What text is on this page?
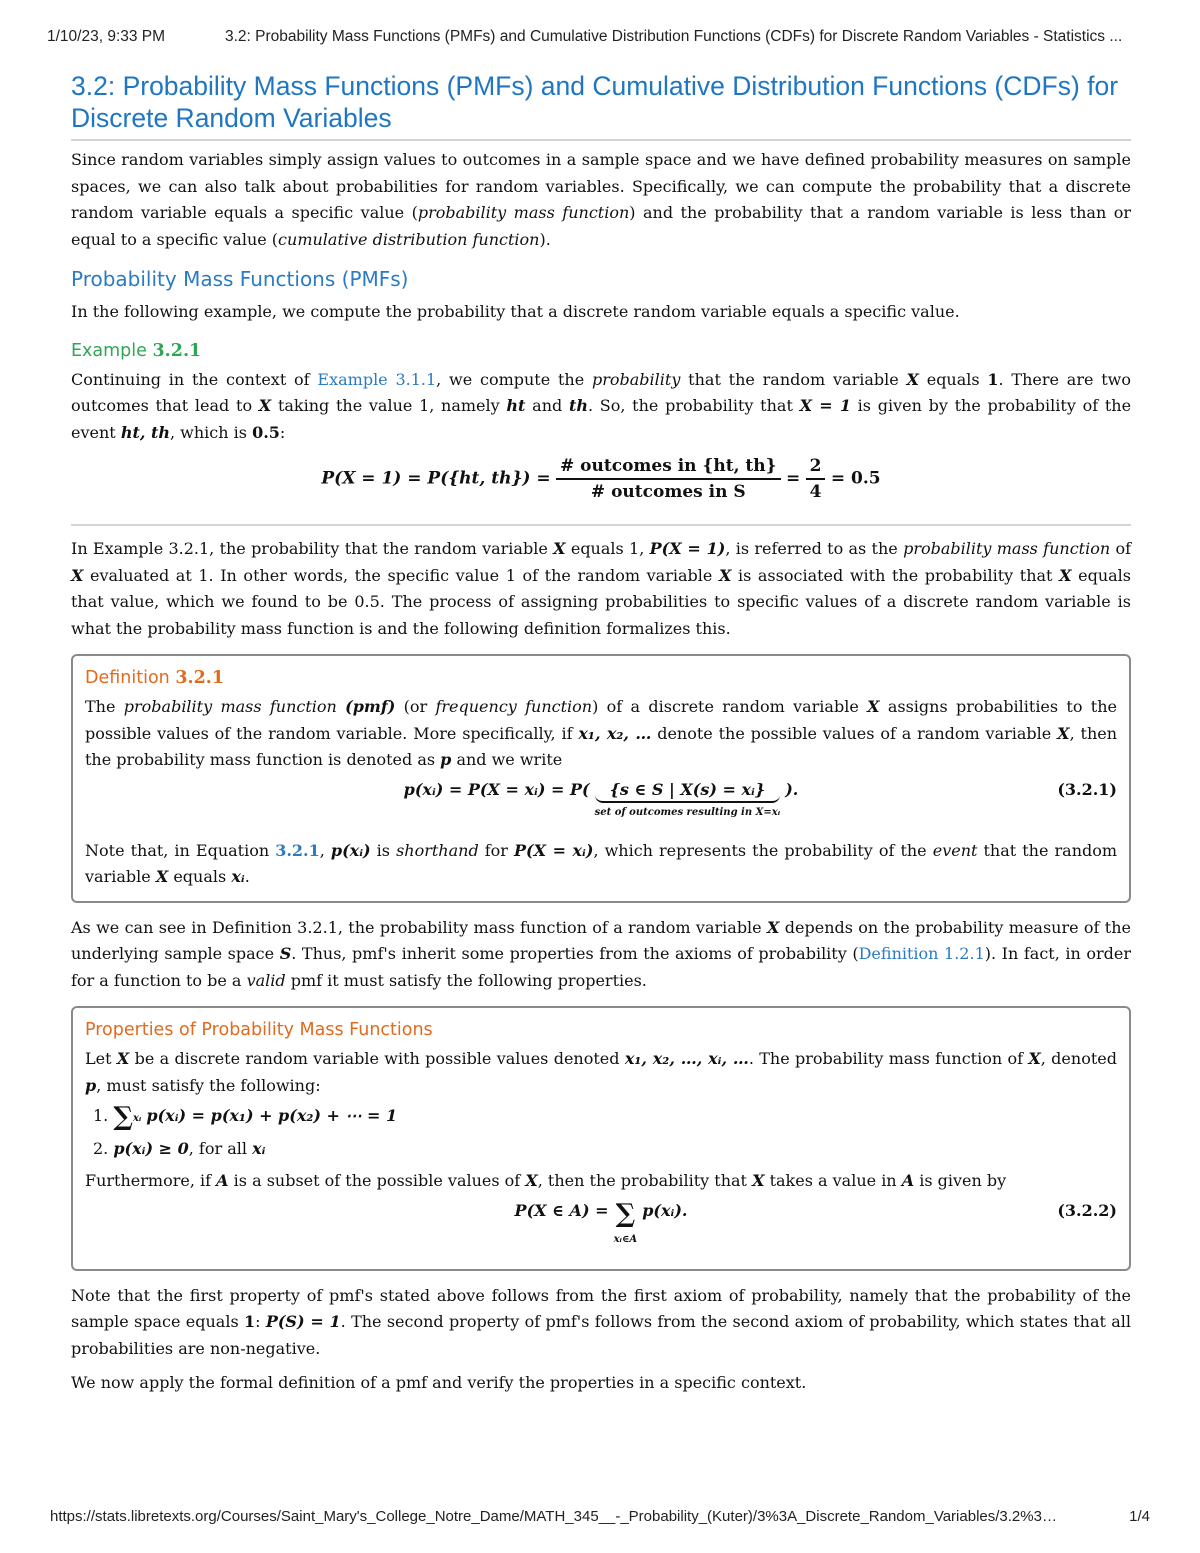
1/10/23, 9:33 PM	3.2: Probability Mass Functions (PMFs) and Cumulative Distribution Functions (CDFs) for Discrete Random Variables - Statistics ...
3.2: Probability Mass Functions (PMFs) and Cumulative Distribution Functions (CDFs) for Discrete Random Variables

Since random variables simply assign values to outcomes in a sample space and we have defined probability measures on sample spaces, we can also talk about probabilities for random variables. Specifically, we can compute the probability that a discrete random variable equals a specific value (probability mass function) and the probability that a random variable is less than or equal to a specific value (cumulative distribution function).

Probability Mass Functions (PMFs)

In the following example, we compute the probability that a discrete random variable equals a specific value.

Example 3.2.1

Continuing in the context of Example 3.1.1, we compute the probability that the random variable X equals 1. There are two outcomes that lead to X taking the value 1, namely ht and th. So, the probability that X = 1 is given by the probability of the event ht, th, which is 0.5:

P(X = 1) = P({ht, $th\}) = \frac{\text{\# outcomes in \{ht, th\}}}{\text{\# outcomes in S}} = \frac{2}{4} = 0.5$

In Example 3.2.1, the probability that the random variable X equals 1, P(X = 1), is referred to as the probability mass function of X evaluated at 1. In other words, the specific value 1 of the random variable X is associated with the probability that X equals that value, which we found to be 0.5. The process of assigning probabilities to specific values of a discrete random variable is what the probability mass function is and the following definition formalizes this.

Definition 3.2.1

The probability mass function (pmf) (or frequency function) of a discrete random variable X assigns probabilities to the possible values of the random variable. More specifically, if x₁, x₂, … denote the possible values of a random variable X, then the probability mass function is denoted as p and we write

p(xᵢ) = P(X = xᵢ) = P(	{s ∈ S | X(s) = xᵢ}
set of outcomes resulting in X=xᵢ
).	(3.2.1)

Note that, in Equation 3.2.1, p(xᵢ) is shorthand for P(X = xᵢ), which represents the probability of the event that the random variable X equals xᵢ.

As we can see in Definition 3.2.1, the probability mass function of a random variable X depends on the probability measure of the underlying sample space S. Thus, pmf's inherit some properties from the axioms of probability (Definition 1.2.1). In fact, in order for a function to be a valid pmf it must satisfy the following properties.

Properties of Probability Mass Functions

Let X be a discrete random variable with possible values denoted x₁, x₂, …, xᵢ, …. The probability mass function of X, denoted p, must satisfy the following:

1. ∑xᵢ p(xᵢ) = p(x₁) + p(x₂) + ⋯ = 1
2. p(xᵢ) ≥ 0, for all xᵢ

Furthermore, if A is a subset of the possible values of X, then the probability that X takes a value in A is given by

P(X ∈ A) = ∑
xᵢ∈A p(xᵢ).	(3.2.2)

Note that the first property of pmf's stated above follows from the first axiom of probability, namely that the probability of the sample space equals 1: P(S) = 1. The second property of pmf's follows from the second axiom of probability, which states that all probabilities are non-negative.

We now apply the formal definition of a pmf and verify the properties in a specific context.

https://stats.libretexts.org/Courses/Saint_Mary's_College_Notre_Dame/MATH_345__-_Probability_(Kuter)/3%3A_Discrete_Random_Variables/3.2%3…	1/4
